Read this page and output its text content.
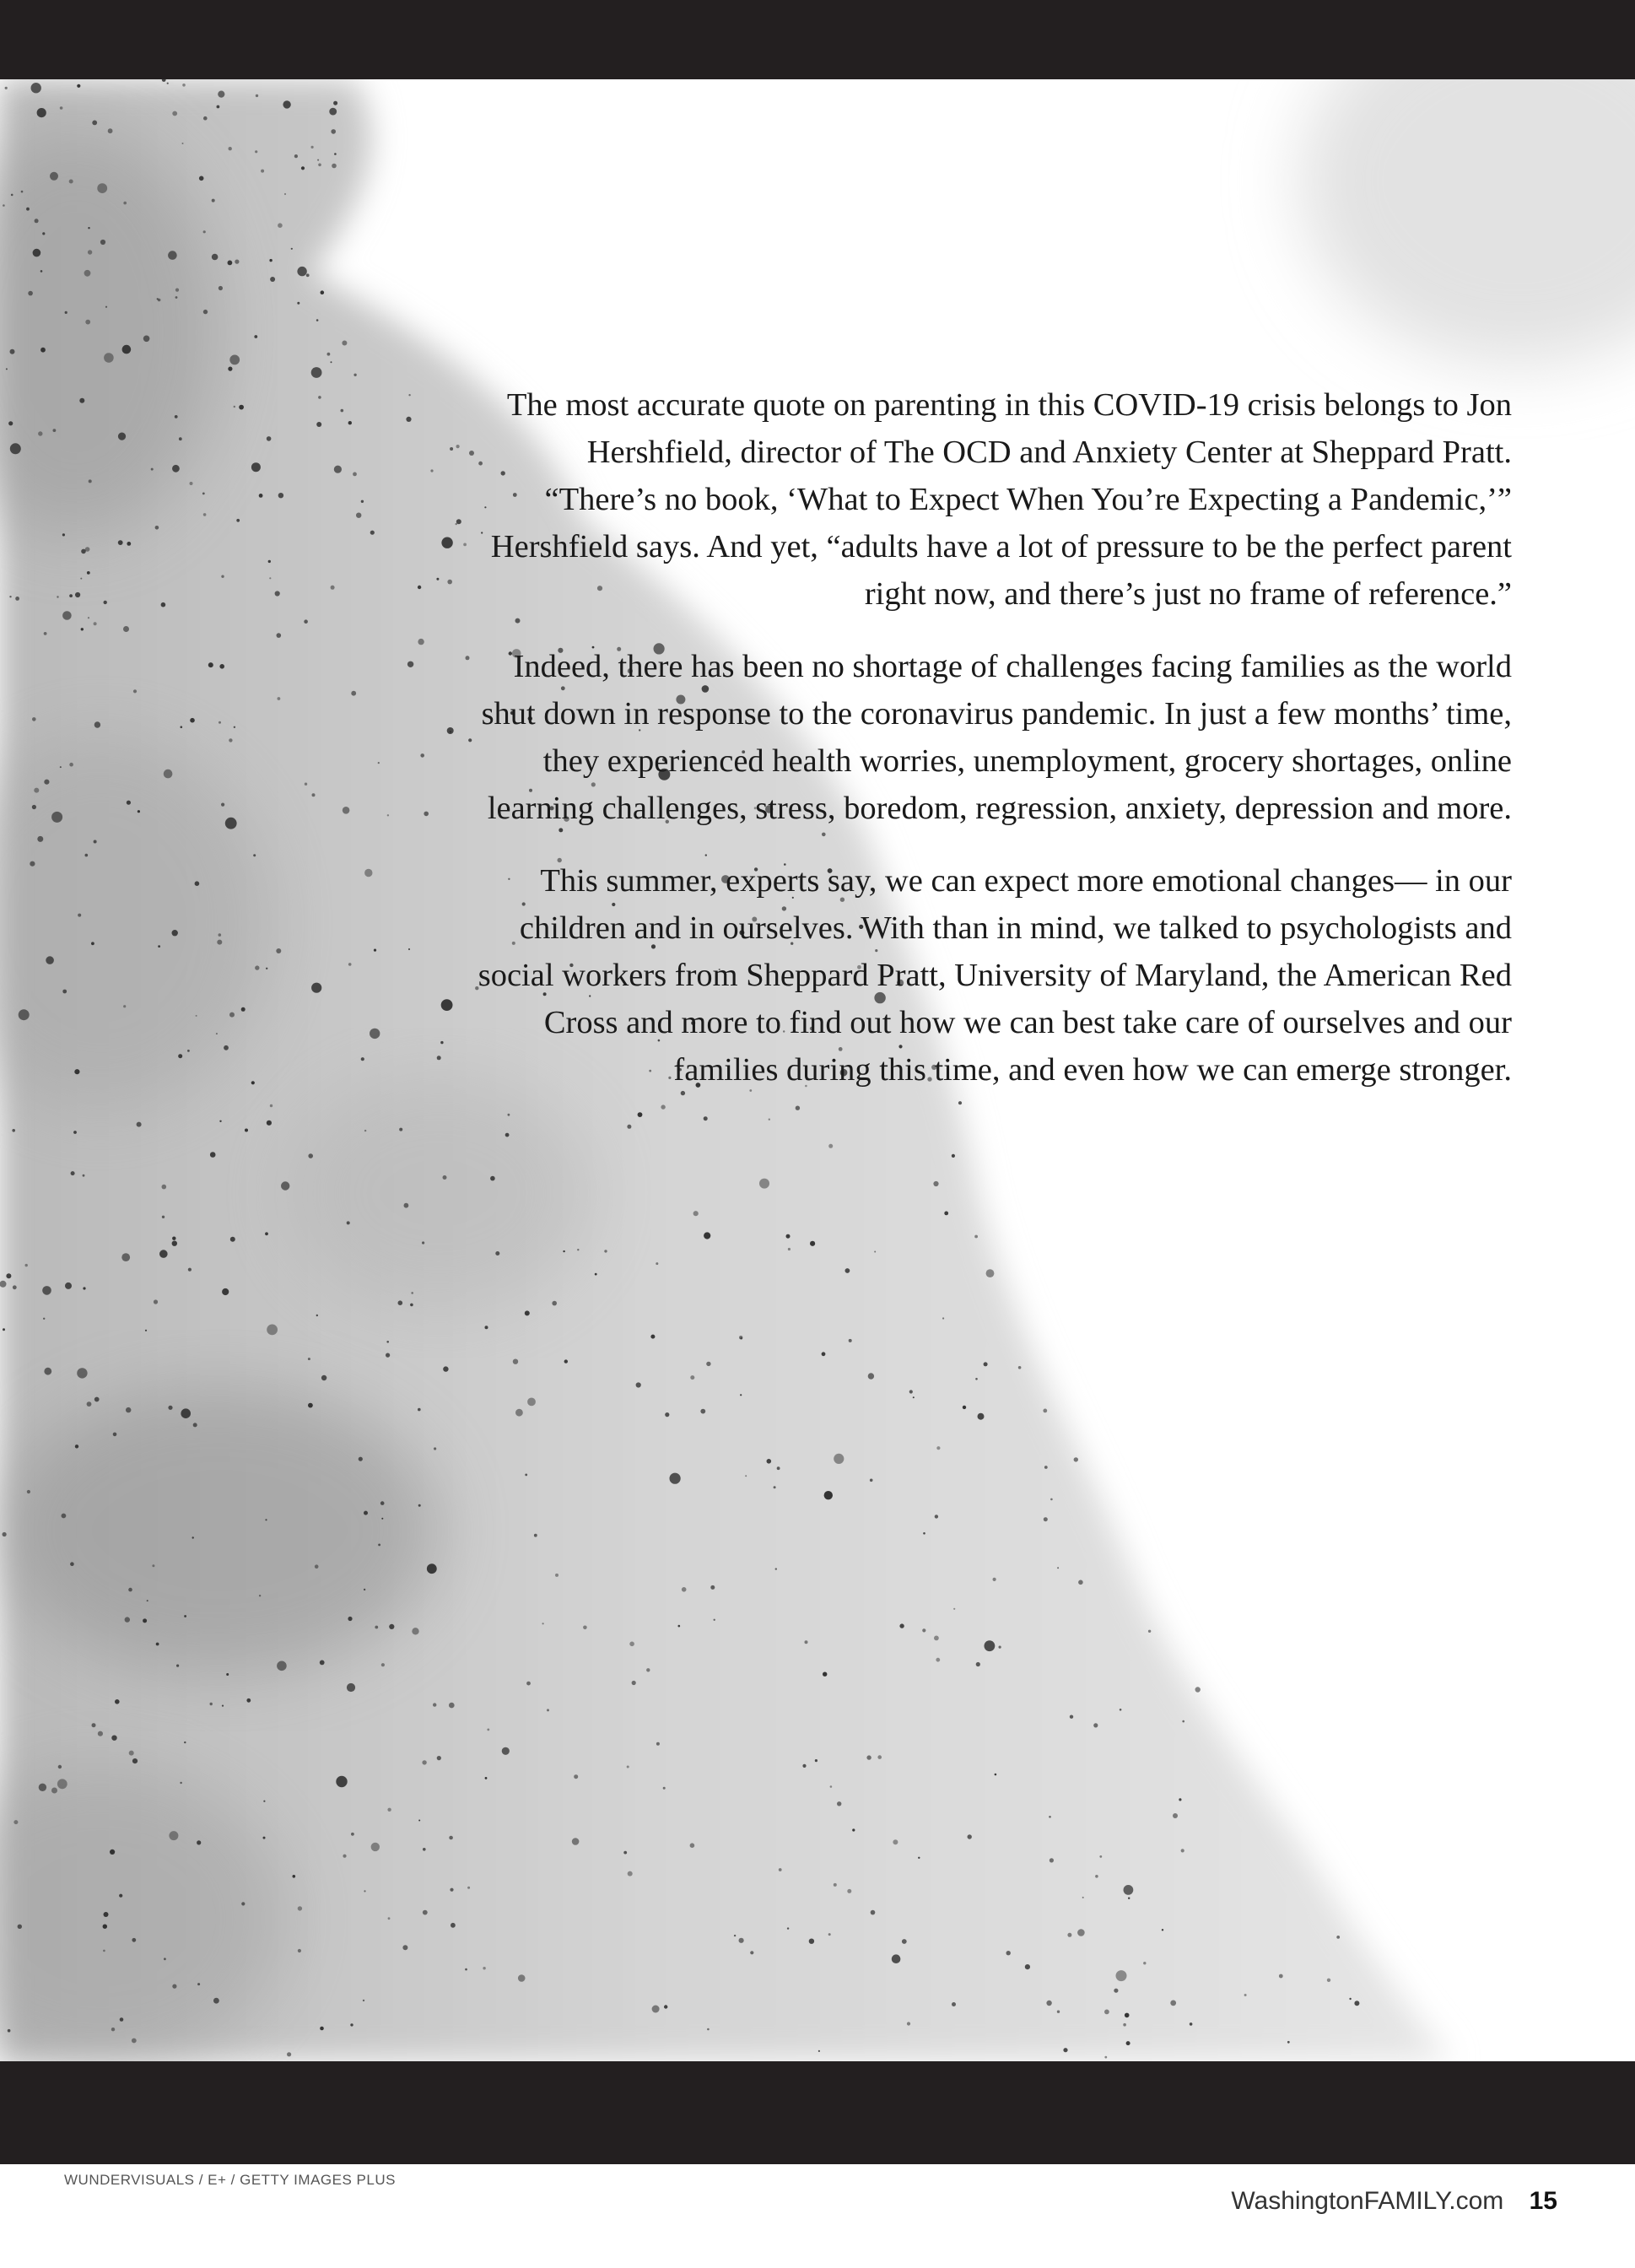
The most accurate quote on parenting in this COVID-19 crisis belongs to Jon Hershfield, director of The OCD and Anxiety Center at Sheppard Pratt. “There’s no book, ‘What to Expect When You’re Expecting a Pandemic,’” Hershfield says. And yet, “adults have a lot of pressure to be the perfect parent right now, and there’s just no frame of reference.”

Indeed, there has been no shortage of challenges facing families as the world shut down in response to the coronavirus pandemic. In just a few months’ time, they experienced health worries, unemployment, grocery shortages, online learning challenges, stress, boredom, regression, anxiety, depression and more.

This summer, experts say, we can expect more emotional changes— in our children and in ourselves. With than in mind, we talked to psychologists and social workers from Sheppard Pratt, University of Maryland, the American Red Cross and more to find out how we can best take care of ourselves and our families during this time, and even how we can emerge stronger.

WUNDERVISUALS / E+ / GETTY IMAGES PLUS
WashingtonFAMILY.com 15
